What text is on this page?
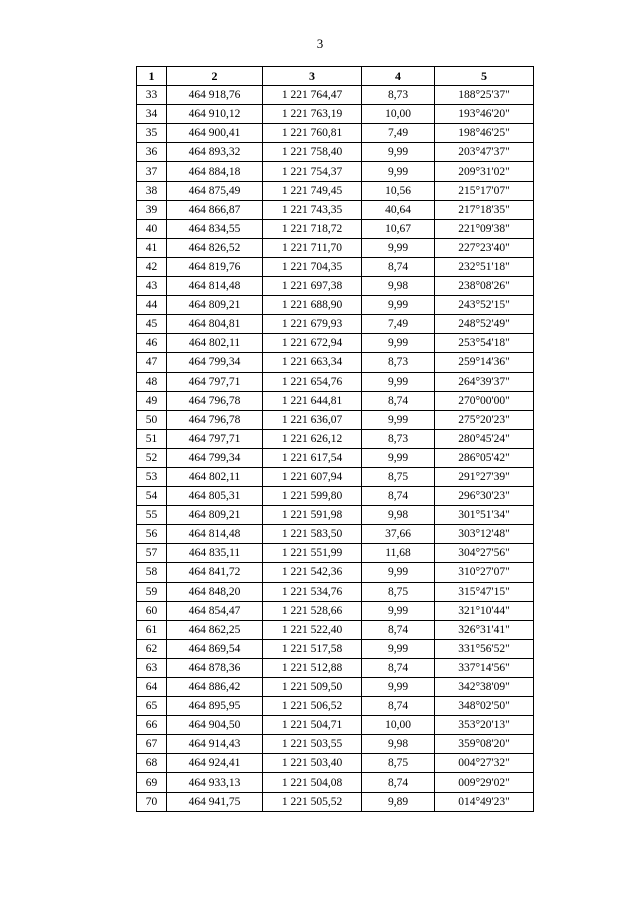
3
1	2	3	4	5
33	464 918,76	1 221 764,47	8,73	188°25'37"
34	464 910,12	1 221 763,19	10,00	193°46'20"
35	464 900,41	1 221 760,81	7,49	198°46'25"
36	464 893,32	1 221 758,40	9,99	203°47'37"
37	464 884,18	1 221 754,37	9,99	209°31'02"
38	464 875,49	1 221 749,45	10,56	215°17'07"
39	464 866,87	1 221 743,35	40,64	217°18'35"
40	464 834,55	1 221 718,72	10,67	221°09'38"
41	464 826,52	1 221 711,70	9,99	227°23'40"
42	464 819,76	1 221 704,35	8,74	232°51'18"
43	464 814,48	1 221 697,38	9,98	238°08'26"
44	464 809,21	1 221 688,90	9,99	243°52'15"
45	464 804,81	1 221 679,93	7,49	248°52'49"
46	464 802,11	1 221 672,94	9,99	253°54'18"
47	464 799,34	1 221 663,34	8,73	259°14'36"
48	464 797,71	1 221 654,76	9,99	264°39'37"
49	464 796,78	1 221 644,81	8,74	270°00'00"
50	464 796,78	1 221 636,07	9,99	275°20'23"
51	464 797,71	1 221 626,12	8,73	280°45'24"
52	464 799,34	1 221 617,54	9,99	286°05'42"
53	464 802,11	1 221 607,94	8,75	291°27'39"
54	464 805,31	1 221 599,80	8,74	296°30'23"
55	464 809,21	1 221 591,98	9,98	301°51'34"
56	464 814,48	1 221 583,50	37,66	303°12'48"
57	464 835,11	1 221 551,99	11,68	304°27'56"
58	464 841,72	1 221 542,36	9,99	310°27'07"
59	464 848,20	1 221 534,76	8,75	315°47'15"
60	464 854,47	1 221 528,66	9,99	321°10'44"
61	464 862,25	1 221 522,40	8,74	326°31'41"
62	464 869,54	1 221 517,58	9,99	331°56'52"
63	464 878,36	1 221 512,88	8,74	337°14'56"
64	464 886,42	1 221 509,50	9,99	342°38'09"
65	464 895,95	1 221 506,52	8,74	348°02'50"
66	464 904,50	1 221 504,71	10,00	353°20'13"
67	464 914,43	1 221 503,55	9,98	359°08'20"
68	464 924,41	1 221 503,40	8,75	004°27'32"
69	464 933,13	1 221 504,08	8,74	009°29'02"
70	464 941,75	1 221 505,52	9,89	014°49'23"
